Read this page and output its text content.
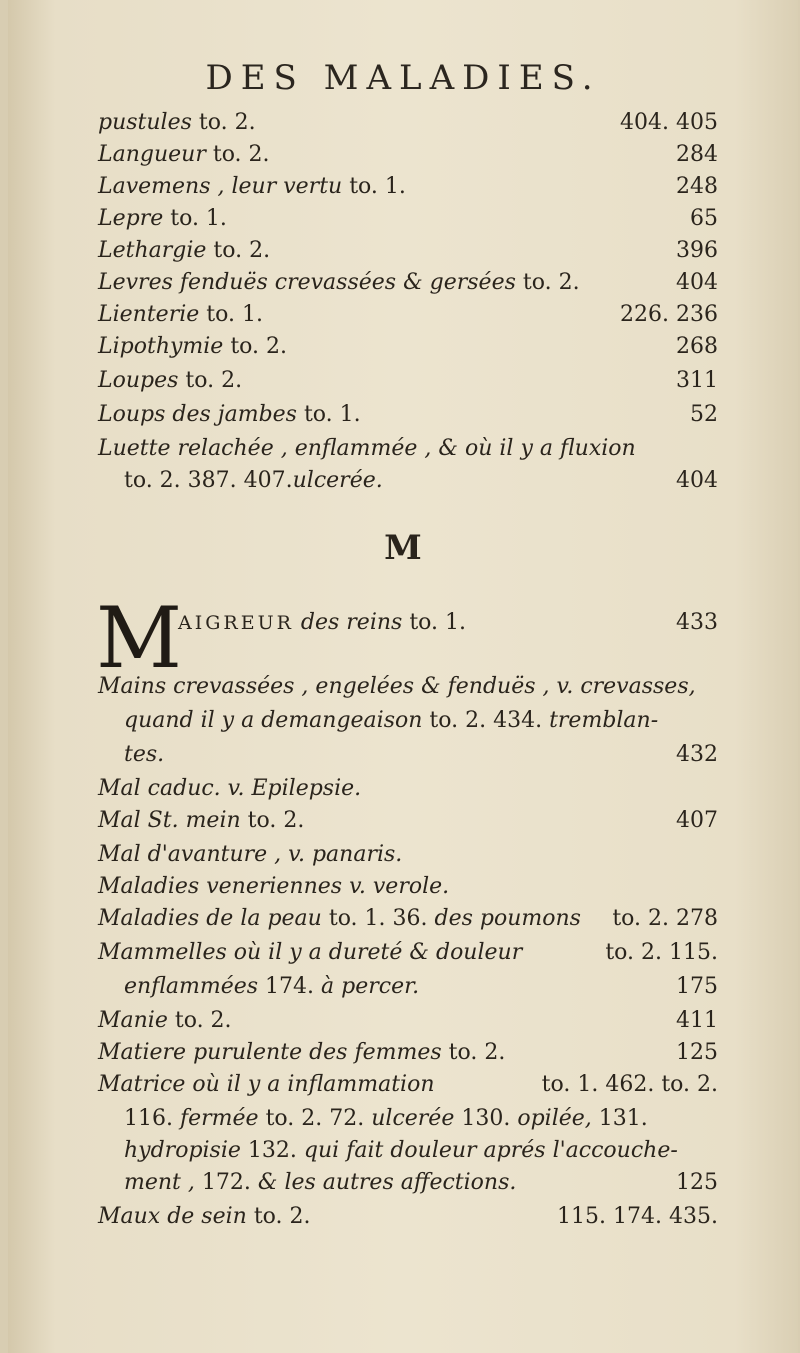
DES MALADIES.
pustules to. 2.	404. 405
Langueur to. 2.	284
Lavemens , leur vertu to. 1.	248
Lepre to. 1.	65
Lethargie to. 2.	396
Levres fenduës crevassées & gersées to. 2.	404
Lienterie to. 1.	226. 236
Lipothymie to. 2.	268
Loupes to. 2.	311
Loups des jambes to. 1.	52
Luette relachée , enflammée , & où il y a fluxion
to. 2. 387. 407.ulcerée.	404
M
M
AIGREUR des reins to. 1.	433
Mains crevassées , engelées & fenduës , v. crevasses,
quand il y a demangeaison to. 2. 434. tremblan-
tes.	432
Mal caduc. v. Epilepsie.
Mal St. mein to. 2.	407
Mal d'avanture , v. panaris.
Maladies veneriennes v. verole.
Maladies de la peau to. 1. 36. des poumons to. 2. 278
Mammelles où il y a dureté & douleur	to. 2. 115.
enflammées 174. à percer.	175
Manie to. 2.	411
Matiere purulente des femmes to. 2.	125
Matrice où il y a inflammation	to. 1. 462. to. 2.
116. fermée to. 2. 72. ulcerée 130. opilée, 131.
hydropisie 132. qui fait douleur aprés l'accouche-
ment , 172. & les autres affections.	125
Maux de sein to. 2.	115. 174. 435.
